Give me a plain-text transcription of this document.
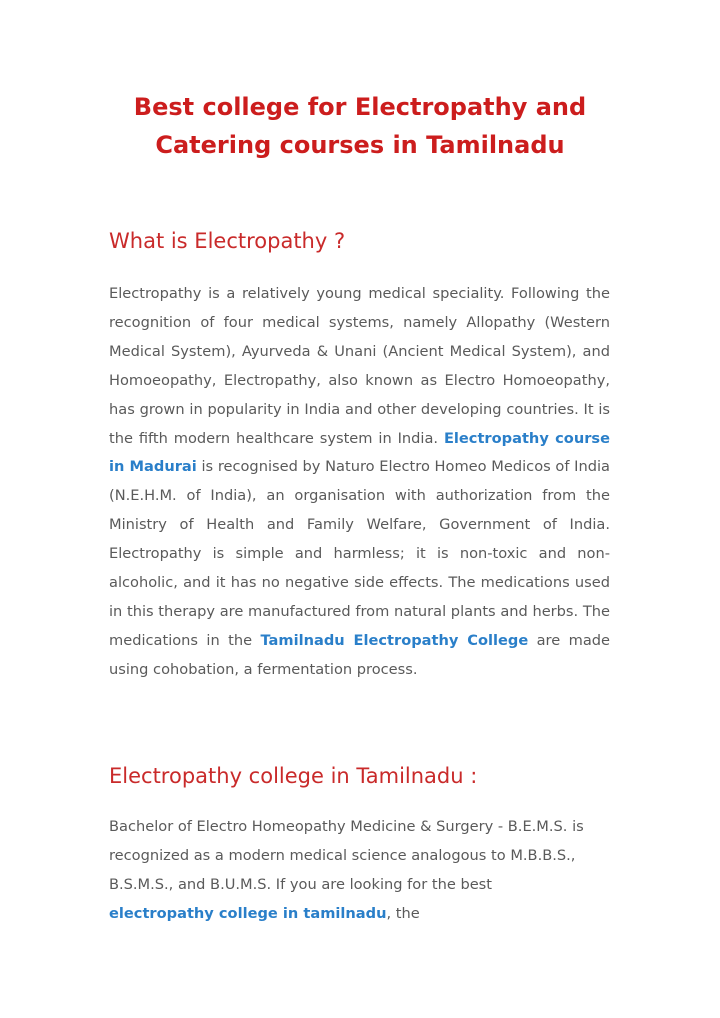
Best college for Electropathy and
Catering courses in Tamilnadu
What is Electropathy ?

Electropathy is a relatively young medical speciality. Following the recognition of four medical systems, namely Allopathy (Western Medical System), Ayurveda & Unani (Ancient Medical System), and Homoeopathy, Electropathy, also known as Electro Homoeopathy, has grown in popularity in India and other developing countries. It is the fifth modern healthcare system in India. Electropathy course in Madurai is recognised by Naturo Electro Homeo Medicos of India (N.E.H.M. of India), an organisation with authorization from the Ministry of Health and Family Welfare, Government of India. Electropathy is simple and harmless; it is non-toxic and non-alcoholic, and it has no negative side effects. The medications used in this therapy are manufactured from natural plants and herbs. The medications in the Tamilnadu Electropathy College are made using cohobation, a fermentation process.

Electropathy college in Tamilnadu :

Bachelor of Electro Homeopathy Medicine & Surgery - B.E.M.S. is recognized as a modern medical science analogous to M.B.B.S., B.S.M.S., and B.U.M.S. If you are looking for the best electropathy college in tamilnadu, the
